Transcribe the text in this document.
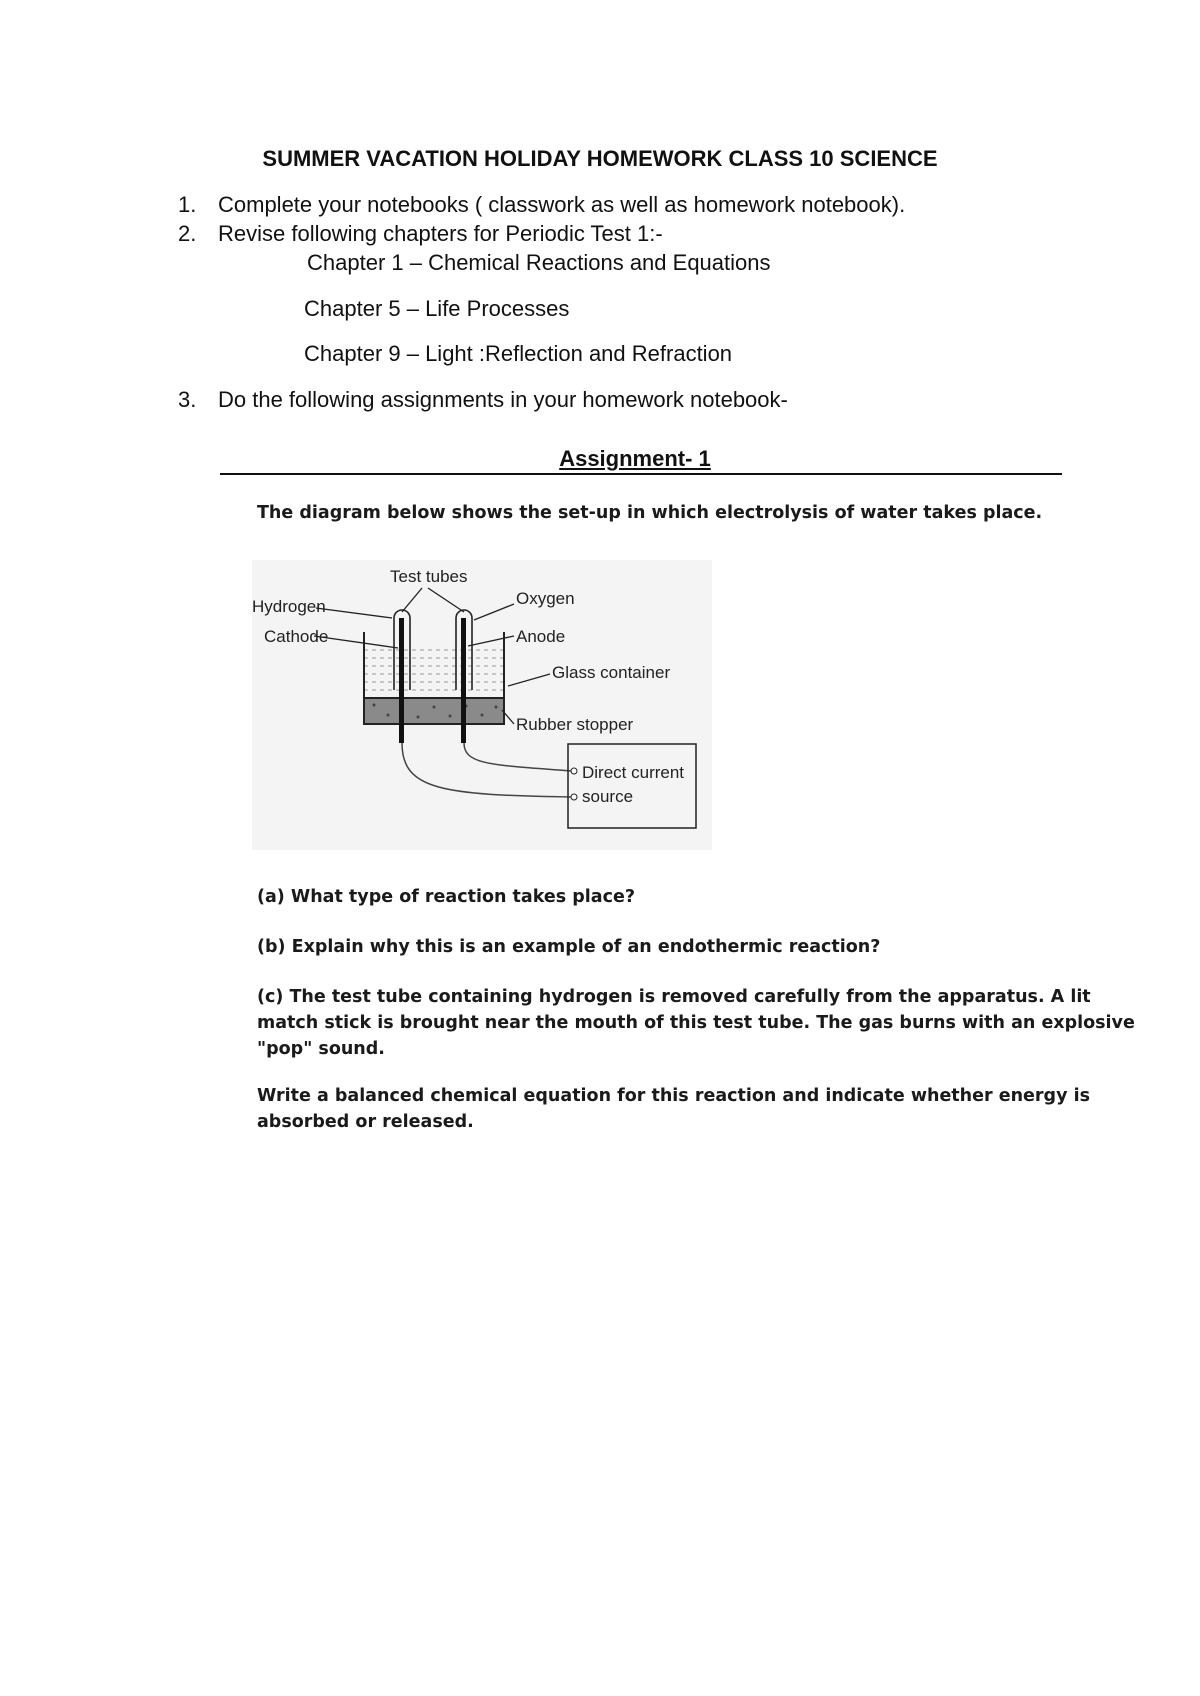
SUMMER VACATION HOLIDAY HOMEWORK CLASS 10 SCIENCE
1. Complete your notebooks ( classwork as well as homework notebook).
2. Revise following chapters for Periodic Test 1:-
Chapter 1 – Chemical Reactions and Equations
Chapter 5 – Life Processes
Chapter 9 – Light :Reflection and Refraction
3. Do the following assignments in your homework notebook-
Assignment- 1
The diagram below shows the set-up in which electrolysis of water takes place.
Test tubes
Hydrogen	Oxygen
Cathode	Anode
Glass container
Rubber stopper
Direct current
source
(a) What type of reaction takes place?
(b) Explain why this is an example of an endothermic reaction?
(c) The test tube containing hydrogen is removed carefully from the apparatus. A lit match stick is brought near the mouth of this test tube. The gas burns with an explosive "pop" sound.
Write a balanced chemical equation for this reaction and indicate whether energy is absorbed or released.
